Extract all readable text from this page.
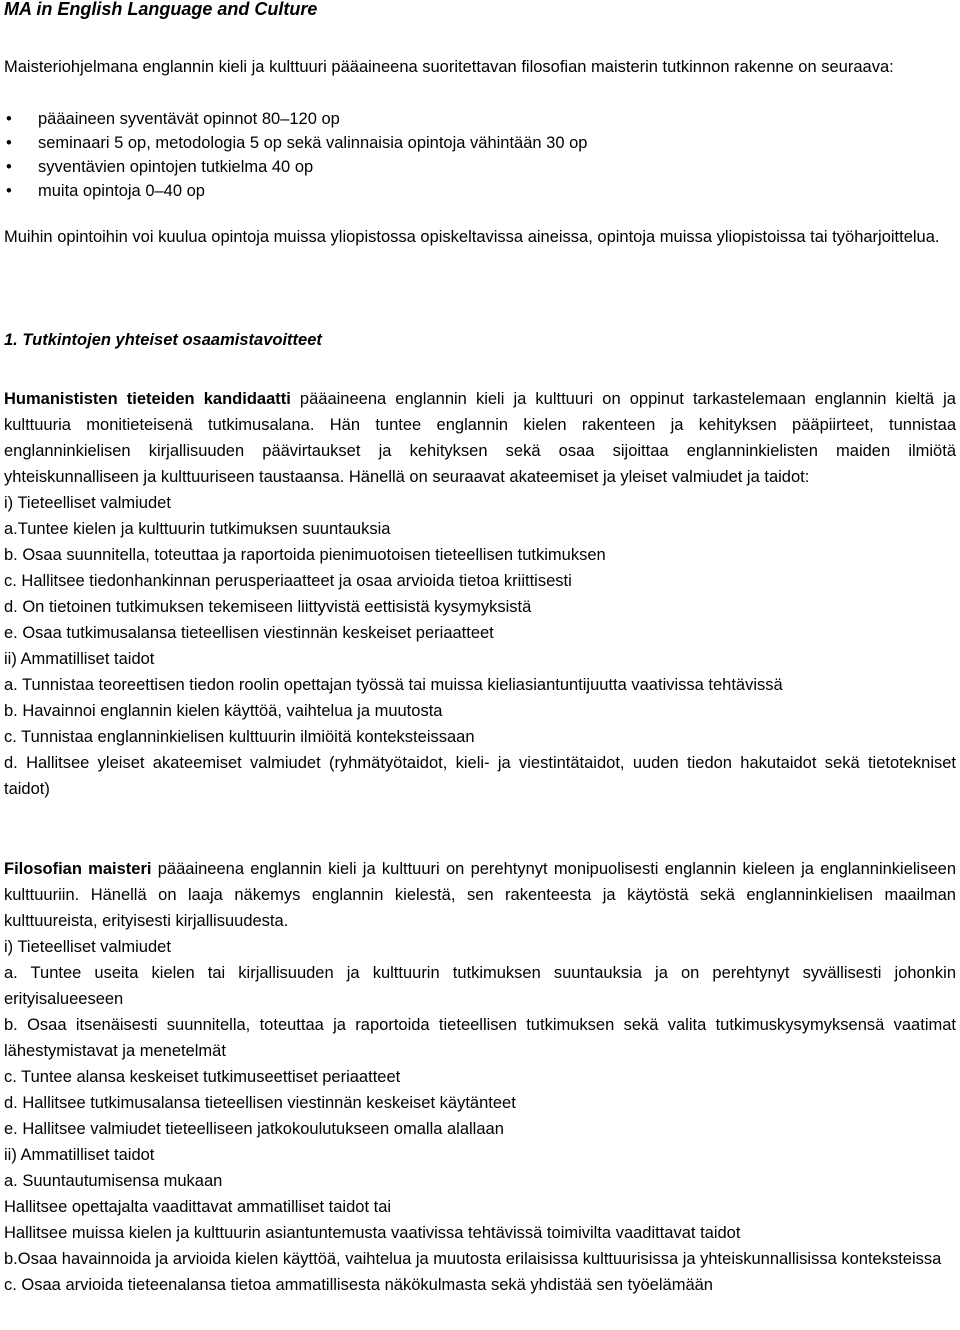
MA in English Language and Culture
Maisteriohjelmana englannin kieli ja kulttuuri pääaineena suoritettavan filosofian maisterin tutkinnon rakenne on seuraava:
• pääaineen syventävät opinnot 80–120 op
• seminaari 5 op, metodologia 5 op sekä valinnaisia opintoja vähintään 30 op
• syventävien opintojen tutkielma 40 op
• muita opintoja 0–40 op
Muihin opintoihin voi kuulua opintoja muissa yliopistossa opiskeltavissa aineissa, opintoja muissa yliopistoissa tai työharjoittelua.
1. Tutkintojen yhteiset osaamistavoitteet
Humanististen tieteiden kandidaatti pääaineena englannin kieli ja kulttuuri on oppinut tarkastelemaan englannin kieltä ja kulttuuria monitieteisenä tutkimusalana. Hän tuntee englannin kielen rakenteen ja kehityksen pääpiirteet, tunnistaa englanninkielisen kirjallisuuden päävirtaukset ja kehityksen sekä osaa sijoittaa englanninkielisten maiden ilmiötä yhteiskunnalliseen ja kulttuuriseen taustaansa. Hänellä on seuraavat akateemiset ja yleiset valmiudet ja taidot:
i) Tieteelliset valmiudet
a.Tuntee kielen ja kulttuurin tutkimuksen suuntauksia
b. Osaa suunnitella, toteuttaa ja raportoida pienimuotoisen tieteellisen tutkimuksen
c. Hallitsee tiedonhankinnan perusperiaatteet ja osaa arvioida tietoa kriittisesti
d. On tietoinen tutkimuksen tekemiseen liittyvistä eettisistä kysymyksistä
e. Osaa tutkimusalansa tieteellisen viestinnän keskeiset periaatteet
ii) Ammatilliset taidot
a. Tunnistaa teoreettisen tiedon roolin opettajan työssä tai muissa kieliasiantuntijuutta vaativissa tehtävissä
b. Havainnoi englannin kielen käyttöä, vaihtelua ja muutosta
c. Tunnistaa englanninkielisen kulttuurin ilmiöitä konteksteissaan
d. Hallitsee yleiset akateemiset valmiudet (ryhmätyötaidot, kieli- ja viestintätaidot, uuden tiedon hakutaidot sekä tietotekniset taidot)
Filosofian maisteri pääaineena englannin kieli ja kulttuuri on perehtynyt monipuolisesti englannin kieleen ja englanninkieliseen kulttuuriin. Hänellä on laaja näkemys englannin kielestä, sen rakenteesta ja käytöstä sekä englanninkielisen maailman kulttuureista, erityisesti kirjallisuudesta.
i) Tieteelliset valmiudet
a. Tuntee useita kielen tai kirjallisuuden ja kulttuurin tutkimuksen suuntauksia ja on perehtynyt syvällisesti johonkin erityisalueeseen
b. Osaa itsenäisesti suunnitella, toteuttaa ja raportoida tieteellisen tutkimuksen sekä valita tutkimuskysymyksensä vaatimat lähestymistavat ja menetelmät
c. Tuntee alansa keskeiset tutkimuseettiset periaatteet
d. Hallitsee tutkimusalansa tieteellisen viestinnän keskeiset käytänteet
e. Hallitsee valmiudet tieteelliseen jatkokoulutukseen omalla alallaan
ii) Ammatilliset taidot
a. Suuntautumisensa mukaan
Hallitsee opettajalta vaadittavat ammatilliset taidot tai
Hallitsee muissa kielen ja kulttuurin asiantuntemusta vaativissa tehtävissä toimivilta vaadittavat taidot
b.Osaa havainnoida ja arvioida kielen käyttöä, vaihtelua ja muutosta erilaisissa kulttuurisissa ja yhteiskunnallisissa konteksteissa
c. Osaa arvioida tieteenalansa tietoa ammatillisesta näkökulmasta sekä yhdistää sen työelämään
